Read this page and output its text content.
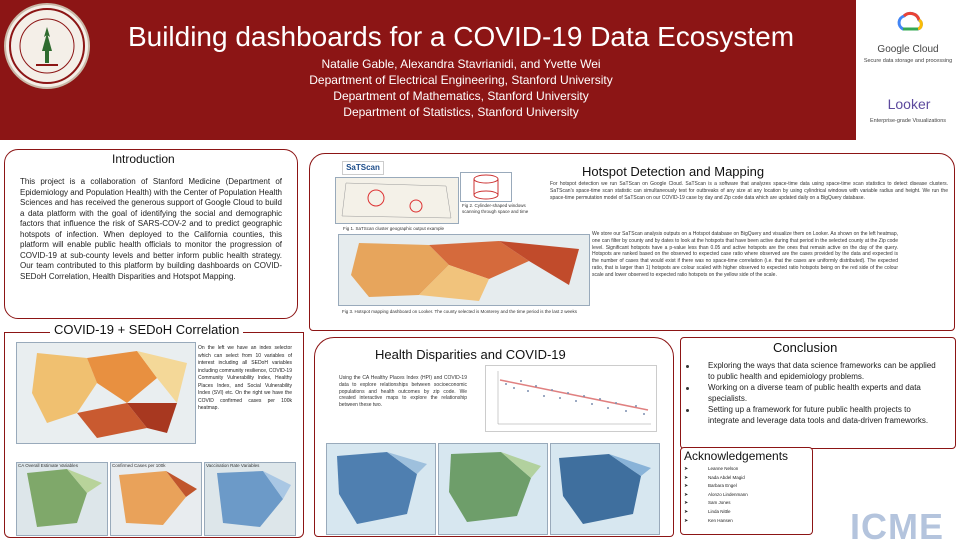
Building dashboards for a COVID-19 Data Ecosystem
Natalie Gable, Alexandra Stavrianidi, and Yvette Wei
Department of Electrical Engineering, Stanford University
Department of Mathematics, Stanford University
Department of Statistics, Stanford University
Google Cloud
Secure data storage and processing
Looker
Enterprise-grade Visualizations
Introduction
This project is a collaboration of Stanford Medicine (Department of Epidemiology and Population Health) with the Center of Population Health Sciences and has received the generous support of Google Cloud to build a data platform with the goal of identifying the social and demographic factors that influence the risk of SARS-COV-2 and to predict geographic hotspots of infection. When deployed to the California counties, this platform will enable public health officials to monitor the progression of COVID-19 at sub-county levels and better inform public health strategy. Our team contributed to this platform by building dashboards on COVID-SEDoH Correlation, Health Disparities and Hotspot Mapping.
COVID-19 + SEDoH Correlation
On the left we have an index selector which can select from 10 variables of interest including all SEDoH variables including community resilience, COVID-19 Community Vulnerability Index, Healthy Places Index, and Social Vulnerability Index (SVI) etc. On the right we have the COVID confirmed cases per 100k heatmap.
CA Overall Estimate Variables	Confirmed Cases per 100k	Vaccination Rate Variables
Hotspot Detection and Mapping
SaTScan
Fig 1. SaTScan cluster geographic output example
Fig 2. Cylinder-shaped windows scanning through space and time
For hotspot detection we run SaTScan on Google Cloud. SaTScan is a software that analyzes space-time data using space-time scan statistics to detect disease clusters. SaTScan's space-time scan statistic can simultaneously test for outbreaks of any size at any location by using cylindrical windows with variable radius and height. We run the space-time permutation model of SaTScan on our COVID-19 case by day and Zip code data which are updated daily on a BigQuery database.
Fig 3. Hotspot mapping dashboard on Looker. The county selected is Monterey and the time period is the last 2 weeks
We store our SaTScan analysis outputs on a Hotspot database on BigQuery and visualize them on Looker. As shown on the left heatmap, one can filter by county and by dates to look at the hotspots that have been active during that period in the selected county at the Zip code level. Significant hotspots have a p-value less than 0.05 and active hotspots are the ones that remain active on the day of the query. Hotspots are ranked based on the observed to expected case ratio where observed are the cases provided by the data and expected is the number of cases that would exist if there was no space-time correlation (i.e. that the cases are uniformly distributed). The expected ratio, that is larger than 1) hotspots are colour scaled with higher observed to expected ratio hotspots being on the red side of the colour scale and lower observed to expected ratio hotspots on the yellow side of the scale.
Health Disparities and COVID-19
Using the CA Healthy Places Index (HPI) and COVID-19 data to explore relationships between socioeconomic populations and health outcomes by zip code. We created interactive maps to explore the relationship between these two.
Conclusion
Exploring the ways that data science frameworks can be applied to public health and epidemiology problems.
Working on a diverse team of public health experts and data specialists.
Setting up a framework for future public health projects to integrate and leverage data tools and data-driven frameworks.
Acknowledgements
➤	Leanne Nelson
➤	Nada Abdel Magid
➤	Barbara Engel
➤	Alonzo Lindenmann
➤	Sam Jones
➤	Linda Nittle
➤	Ken Hansen	ICME
